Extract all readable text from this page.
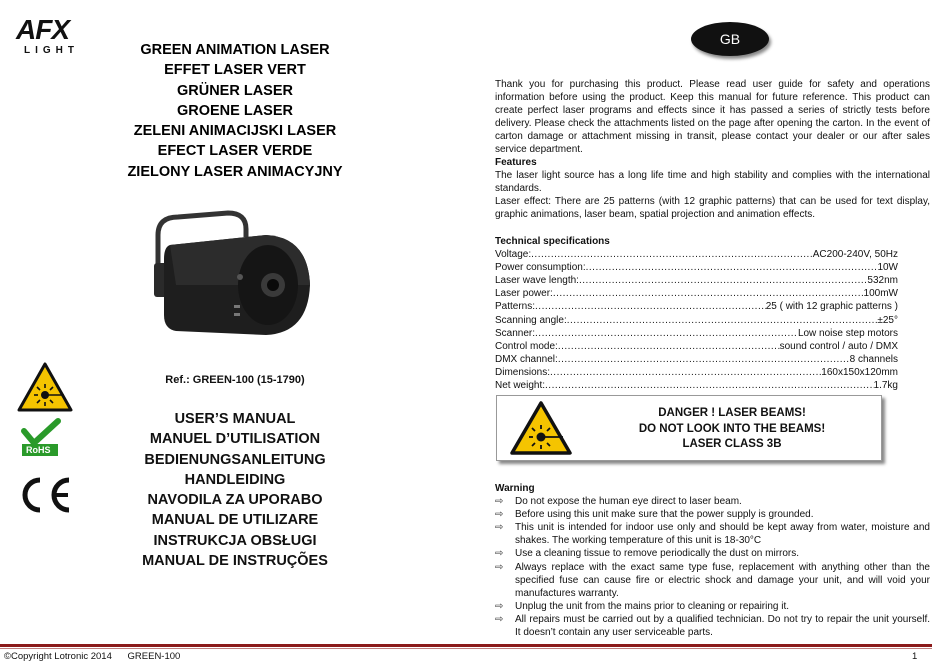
AFX
LIGHT	GREEN ANIMATION LASER
EFFET LASER VERT
GRÜNER LASER
GROENE LASER
ZELENI ANIMACIJSKI LASER
EFECT LASER VERDE
ZIELONY LASER ANIMACYJNY
Ref.: GREEN-100 (15-1790)
USER’S MANUAL
MANUEL D’UTILISATION
BEDIENUNGSANLEITUNG
HANDLEIDING
NAVODILA ZA UPORABO
MANUAL DE UTILIZARE
INSTRUKCJA OBSŁUGI
MANUAL DE INSTRUÇÕES
RoHS
GB
Thank you for purchasing this product. Please read user guide for safety and operations information before using the product. Keep this manual for future reference. This product can create perfect laser programs and effects since it has passed a series of strictly tests before delivery. Please check the attachments listed on the page after opening the carton. In the event of carton damage or attachment missing in transit, please contact your dealer or our after sales service department.
Features
The laser light source has a long life time and high stability and complies with the international standards.
Laser effect: There are 25 patterns (with 12 graphic patterns) that can be used for text display, graphic animations, laser beam, spatial projection and animation effects.
Technical specifications
Voltage: .....	AC200-240V, 50Hz
Power consumption: .....	10W
Laser wave length: .....	532nm
Laser power: .....	100mW
Patterns: .....	25 ( with 12 graphic patterns )
Scanning angle: .....	±25°
Scanner: .....	Low noise step motors
Control mode: .....	sound control / auto / DMX
DMX channel: .....	8 channels
Dimensions: .....	160x150x120mm
Net weight: .....	1.7kg
DANGER ! LASER BEAMS!
DO NOT LOOK INTO THE BEAMS!
LASER CLASS 3B
Warning
⇨ Do not expose the human eye direct to laser beam.
⇨ Before using this unit make sure that the power supply is grounded.
⇨ This unit is intended for indoor use only and should be kept away from water, moisture and shakes. The working temperature of this unit is 18-30°C
⇨ Use a cleaning tissue to remove periodically the dust on mirrors.
⇨ Always replace with the exact same type fuse, replacement with anything other than the specified fuse can cause fire or electric shock and damage your unit, and will void your manufactures warranty.
⇨ Unplug the unit from the mains prior to cleaning or repairing it.
⇨ All repairs must be carried out by a qualified technician. Do not try to repair the unit yourself. It doesn’t contain any user serviceable parts.
©Copyright Lotronic 2014 GREEN-100	1
